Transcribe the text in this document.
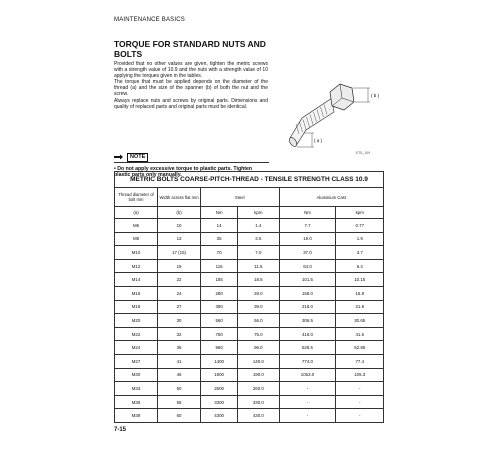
MAINTENANCE BASICS
TORQUE FOR STANDARD NUTS AND BOLTS

Provided that no other values are given, tighten the metric screws with a strength value of 10.9 and the nuts with a strength value of 10 applying the torques given in the tables.

The torque that must be applied depends on the diameter of the thread (a) and the size of the spanner (b) of both the nut and the screw.

Always replace nuts and screws by original parts. Dimensions and quality of replaced parts and original parts must be identical.

( b )
( a )
E75_109
NOTE
• Do not apply excessive torque to plastic parts. Tighten plastic parts only manually.
METRIC BOLTS COARSE-PITCH-THREAD - TENSILE STRENGTH CLASS 10.9					
Thread diameter of bolt mm	Width across flat mm	Steel		Aluminium Cast	
(a)	(b)	Nm	kpm	Nm	kpm
M6	10	14	1.4	7.7	0.77
M8	13	35	3.5	19.0	1.9
M10	17 (15)	70	7.0	37.0	3.7
M12	19	115	11.5	64.0	6.4
M14	22	185	18.5	101.5	10.15
M16	24	280	28.0	158.0	15.8
M18	27	390	39.0	218.0	21.8
M20	30	560	56.0	306.5	30.65
M22	32	750	75.0	416.0	41.6
M24	36	960	96.0	528.5	52.85
M27	41	1400	140.0	774.0	77.4
M30	46	1900	190.0	1053.0	105.3
M33	50	2600	260.0	-	-
M36	55	3300	330.0	-	-
M39	60	4300	430.0	-	-
7-15
